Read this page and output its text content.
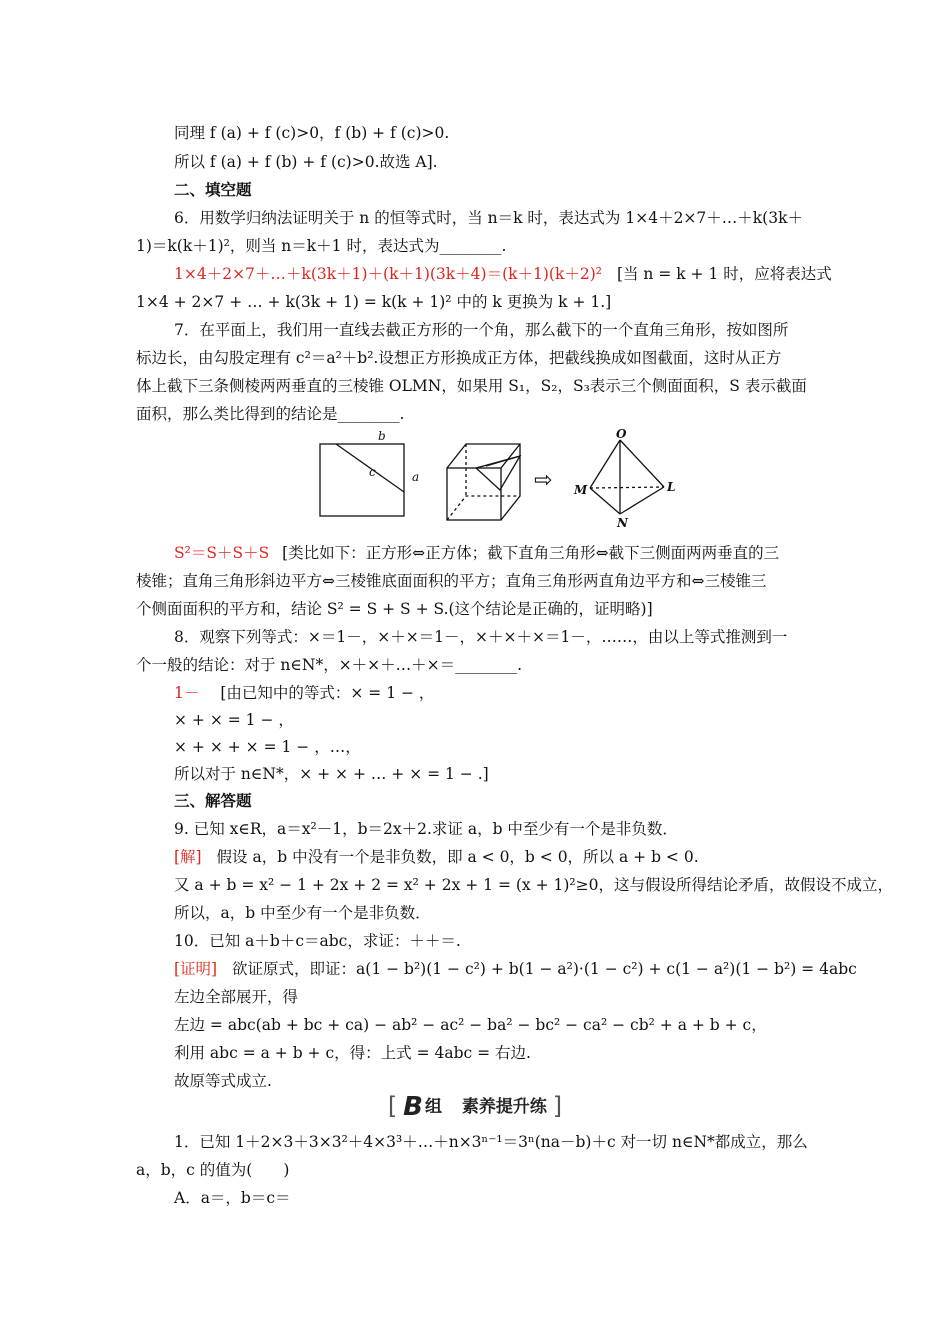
同理 f (a) + f (c)>0，f (b) + f (c)>0.
所以 f (a) + f (b) + f (c)>0.故选 A].
二、填空题
6．用数学归纳法证明关于 n 的恒等式时，当 n＝k 时，表达式为 1×4＋2×7＋…＋k(3k＋
1)＝k(k＋1)²，则当 n＝k＋1 时，表达式为________.
1×4＋2×7＋…＋k(3k＋1)＋(k＋1)(3k＋4)＝(k＋1)(k＋2)² [当 n = k + 1 时，应将表达式
1×4 + 2×7 + … + k(3k + 1) = k(k + 1)² 中的 k 更换为 k + 1.]
7．在平面上，我们用一直线去截正方形的一个角，那么截下的一个直角三角形，按如图所
标边长，由勾股定理有 c²＝a²＋b².设想正方形换成正方体，把截线换成如图截面，这时从正方
体上截下三条侧棱两两垂直的三棱锥 OLMN，如果用 S₁，S₂，S₃表示三个侧面面积，S 表示截面
面积，那么类比得到的结论是________.
b
c	a
O
M	L
N
⇨
S²＝S＋S＋S [类比如下：正方形⇔正方体；截下直角三角形⇔截下三侧面两两垂直的三
棱锥；直角三角形斜边平方⇔三棱锥底面面积的平方；直角三角形两直角边平方和⇔三棱锥三
个侧面面积的平方和，结论 S² = S + S + S.(这个结论是正确的，证明略)]
8．观察下列等式：×＝1－，×＋×＝1－，×＋×＋×＝1－，……，由以上等式推测到一
个一般的结论：对于 n∈N*，×＋×＋…＋×＝________.
1－ [由已知中的等式：× = 1 − ，
× + × = 1 − ，
× + × + × = 1 − ，…，
所以对于 n∈N*，× + × + … + × = 1 − .]
三、解答题
9. 已知 x∈R，a＝x²－1，b＝2x＋2.求证 a，b 中至少有一个是非负数．
[解] 假设 a，b 中没有一个是非负数，即 a < 0，b < 0，所以 a + b < 0.
又 a + b = x² − 1 + 2x + 2 = x² + 2x + 1 = (x + 1)²≥0，这与假设所得结论矛盾，故假设不成立，
所以，a，b 中至少有一个是非负数．
10．已知 a＋b＋c＝abc，求证：＋＋＝.
[证明] 欲证原式，即证：a(1 − b²)(1 − c²) + b(1 − a²)·(1 − c²) + c(1 − a²)(1 − b²) = 4abc
左边全部展开，得
左边 = abc(ab + bc + ca) − ab² − ac² − ba² − bc² − ca² − cb² + a + b + c，
利用 abc = a + b + c，得：上式 = 4abc = 右边.
故原等式成立.
[ B 组 素养提升练 ]
1．已知 1＋2×3＋3×3²＋4×3³＋…＋n×3ⁿ⁻¹＝3ⁿ(na－b)＋c 对一切 n∈N*都成立，那么
a，b，c 的值为(　　)
A．a＝，b＝c＝
